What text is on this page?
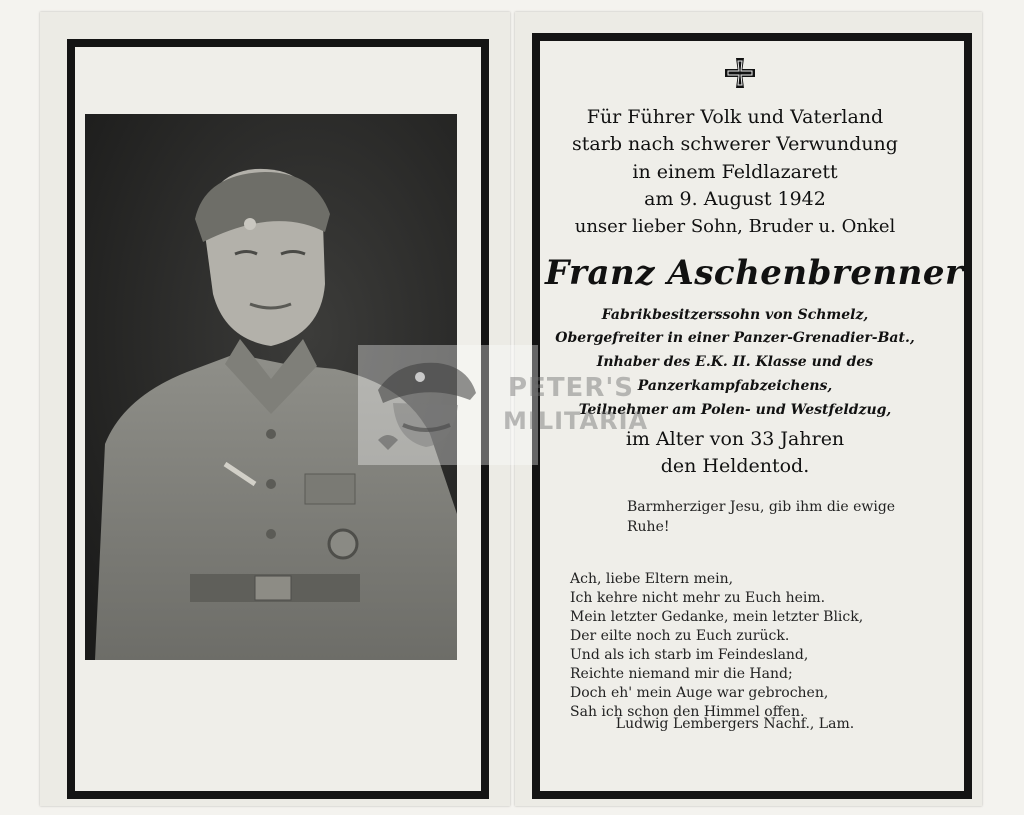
Für Führer Volk und Vaterland
starb nach schwerer Verwundung
in einem Feldlazarett
am 9. August 1942
unser lieber Sohn, Bruder u. Onkel
Franz Aschenbrenner
Fabrikbesitzerssohn von Schmelz,
Obergefreiter in einer Panzer-Grenadier-Bat.,
Inhaber des E.K. II. Klasse und des
Panzerkampfabzeichens,
Teilnehmer am Polen- und Westfeldzug,
im Alter von 33 Jahren
den Heldentod.
Barmherziger Jesu, gib ihm die ewige Ruhe!
Ach, liebe Eltern mein,
Ich kehre nicht mehr zu Euch heim.
Mein letzter Gedanke, mein letzter Blick,
Der eilte noch zu Euch zurück.
Und als ich starb im Feindesland,
Reichte niemand mir die Hand;
Doch eh' mein Auge war gebrochen,
Sah ich schon den Himmel offen.
Ludwig Lembergers Nachf., Lam.
PETER'S
MILITARIA
